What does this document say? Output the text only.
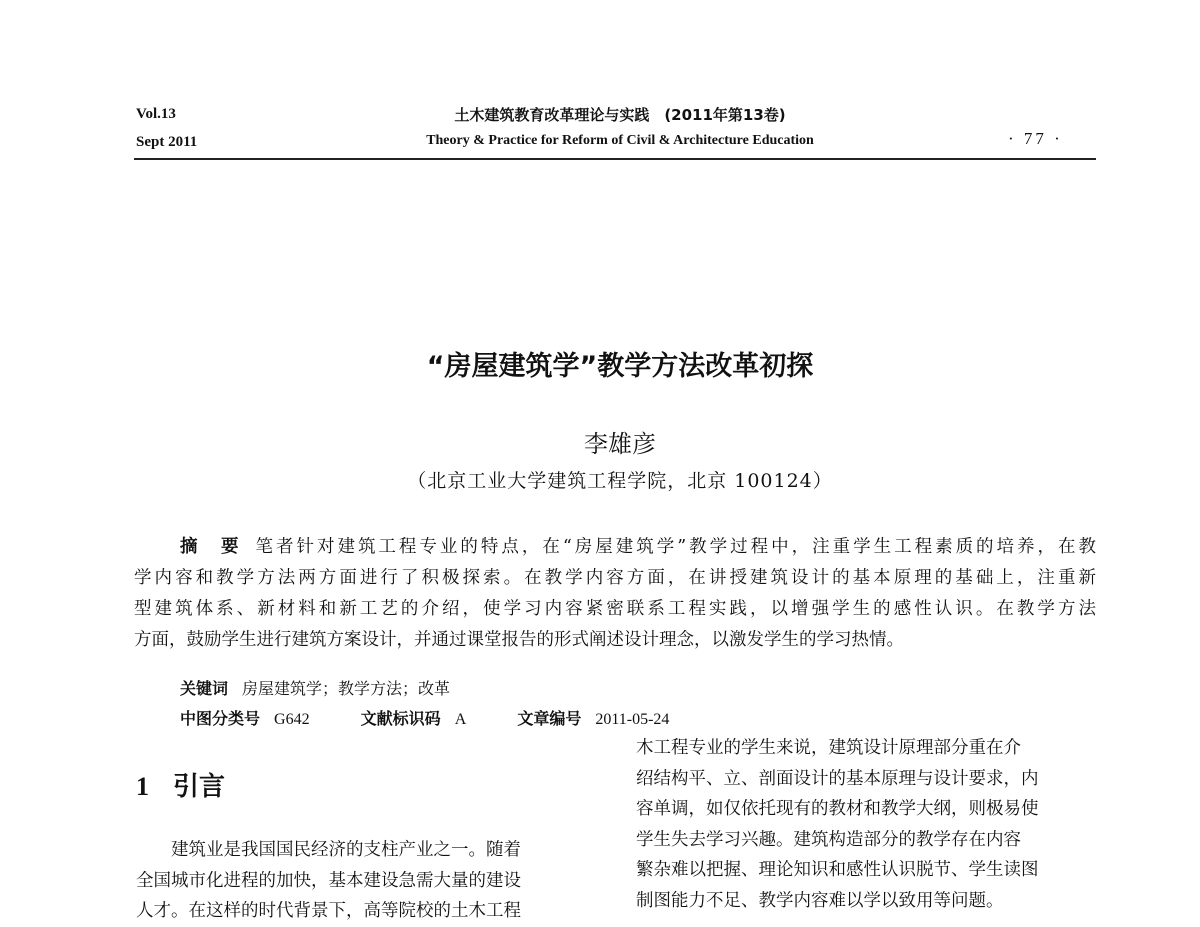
Vol.13
Sept 2011
土木建筑教育改革理论与实践　(2011年第13卷)
Theory & Practice for Reform of Civil & Architecture Education	· 77 ·
“房屋建筑学”教学方法改革初探
李雄彦
（北京工业大学建筑工程学院，北京 100124）
摘　要 笔者针对建筑工程专业的特点，在“房屋建筑学”教学过程中，注重学生工程素质的培养，在教
学内容和教学方法两方面进行了积极探索。在教学内容方面，在讲授建筑设计的基本原理的基础上，注重新
型建筑体系、新材料和新工艺的介绍，使学习内容紧密联系工程实践，以增强学生的感性认识。在教学方法
方面，鼓励学生进行建筑方案设计，并通过课堂报告的形式阐述设计理念，以激发学生的学习热情。
关键词 房屋建筑学；教学方法；改革
中图分类号 G642	文献标识码 A	文章编号 2011-05-24
1 引言
　　建筑业是我国国民经济的支柱产业之一。随着
全国城市化进程的加快，基本建设急需大量的建设
人才。在这样的时代背景下，高等院校的土木工程
木工程专业的学生来说，建筑设计原理部分重在介
绍结构平、立、剖面设计的基本原理与设计要求，内
容单调，如仅依托现有的教材和教学大纲，则极易使
学生失去学习兴趣。建筑构造部分的教学存在内容
繁杂难以把握、理论知识和感性认识脱节、学生读图
制图能力不足、教学内容难以学以致用等问题。
